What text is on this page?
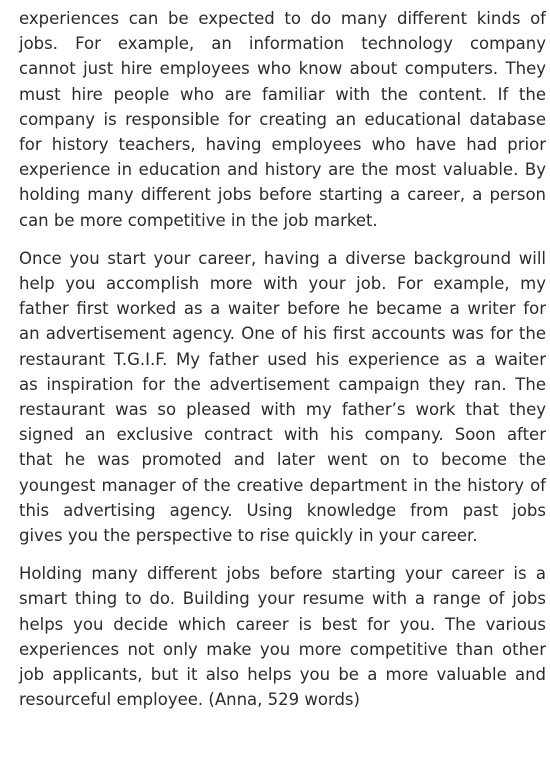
experiences can be expected to do many different kinds of
jobs. For example, an information technology company
cannot just hire employees who know about computers. They
must hire people who are familiar with the content. If the
company is responsible for creating an educational database
for history teachers, having employees who have had prior
experience in education and history are the most valuable. By
holding many different jobs before starting a career, a person
can be more competitive in the job market.

Once you start your career, having a diverse background will
help you accomplish more with your job. For example, my
father first worked as a waiter before he became a writer for
an advertisement agency. One of his first accounts was for the
restaurant T.G.I.F. My father used his experience as a waiter
as inspiration for the advertisement campaign they ran. The
restaurant was so pleased with my father’s work that they
signed an exclusive contract with his company. Soon after
that he was promoted and later went on to become the
youngest manager of the creative department in the history of
this advertising agency. Using knowledge from past jobs
gives you the perspective to rise quickly in your career.

Holding many different jobs before starting your career is a
smart thing to do. Building your resume with a range of jobs
helps you decide which career is best for you. The various
experiences not only make you more competitive than other
job applicants, but it also helps you be a more valuable and
resourceful employee. (Anna, 529 words)
